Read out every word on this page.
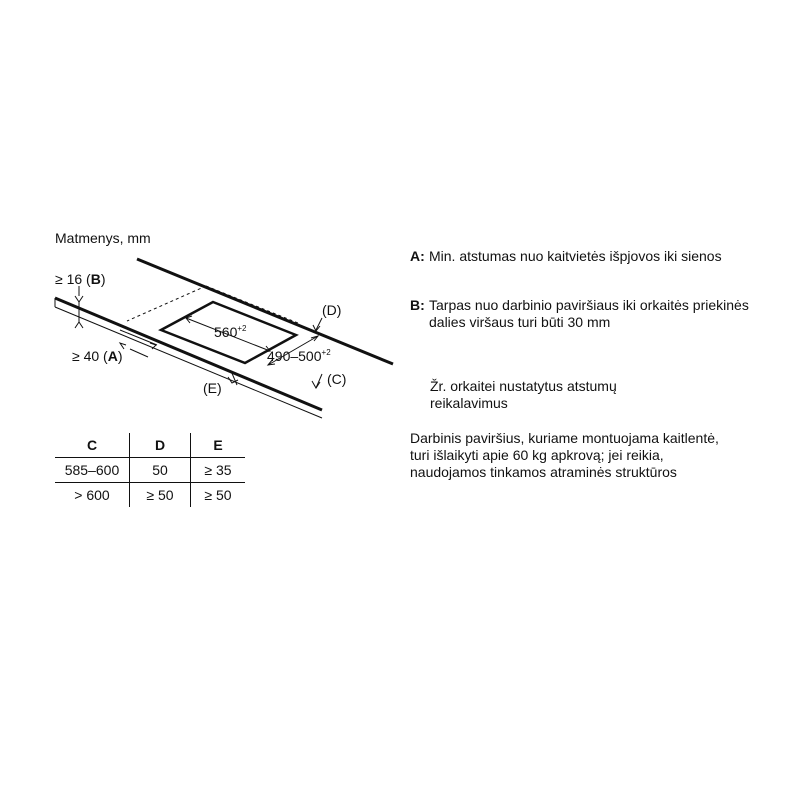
Matmenys, mm
≥ 16 (B)
≥ 40 (A)
(D)
(E)
(C)
$560^{+2}$
$490-500^{+2}$
C	D	E
585–600	50	≥ 35
> 600	≥ 50	≥ 50
A: Min. atstumas nuo kaitvietės išpjovos iki sienos
B: Tarpas nuo darbinio paviršiaus iki orkaitės priekinės dalies viršaus turi būti 30 mm
Žr. orkaitei nustatytus atstumų reikalavimus
Darbinis paviršius, kuriame montuojama kaitlentė, turi išlaikyti apie 60 kg apkrovą; jei reikia, naudojamos tinkamos atraminės struktūros
